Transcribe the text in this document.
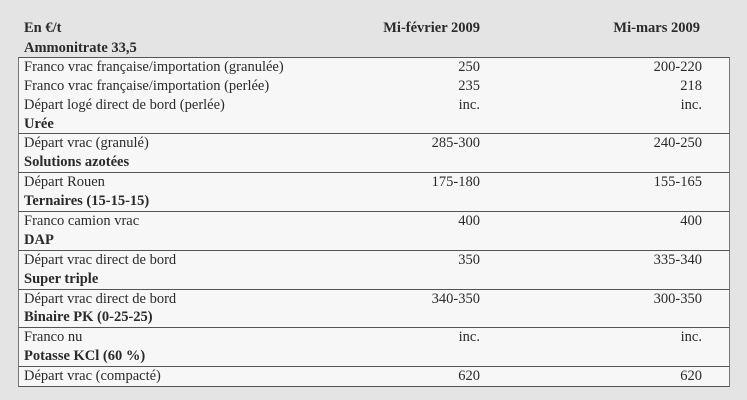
En €/t	Mi-février 2009	Mi-mars 2009
Ammonitrate 33,5
Franco vrac française/importation (granulée)	250	200-220
Franco vrac française/importation (perlée)	235	218
Départ logé direct de bord (perlée)	inc.	inc.
Urée
Départ vrac (granulé)	285-300	240-250
Solutions azotées
Départ Rouen	175-180	155-165
Ternaires (15-15-15)
Franco camion vrac	400	400
DAP
Départ vrac direct de bord	350	335-340
Super triple
Départ vrac direct de bord	340-350	300-350
Binaire PK (0-25-25)
Franco nu	inc.	inc.
Potasse KCl (60 %)
Départ vrac (compacté)	620	620
